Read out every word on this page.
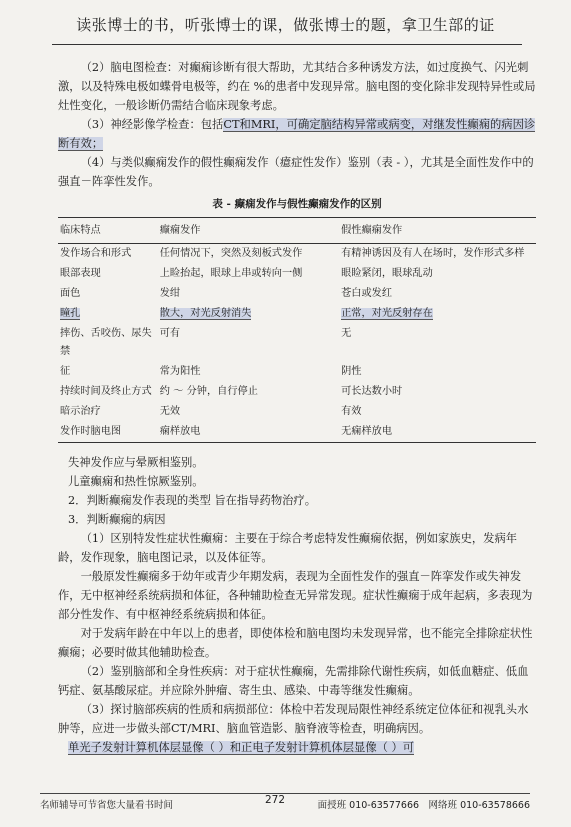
读张博士的书，听张博士的课，做张博士的题，拿卫生部的证

（2）脑电图检查：对癫痫诊断有很大帮助，尤其结合多种诱发方法，如过度换气、闪光刺激，以及特殊电极如蝶骨电极等，约在 %的患者中发现异常。脑电图的变化除非发现特异性或局灶性变化，一般诊断仍需结合临床现象考虑。

（3）神经影像学检查：包括CT和MRI，可确定脑结构异常或病变，对继发性癫痫的病因诊断有效；

（4）与类似癫痫发作的假性癫痫发作（癔症性发作）鉴别（表 - ），尤其是全面性发作中的强直－阵挛性发作。

表 - 癫痫发作与假性癫痫发作的区别
临床特点	癫痫发作	假性癫痫发作
发作场合和形式	任何情况下，突然及刻板式发作	有精神诱因及有人在场时，发作形式多样
眼部表现	上睑抬起，眼球上串或转向一侧	眼睑紧闭，眼球乱动
面色	发绀	苍白或发红
瞳孔	散大，对光反射消失	正常，对光反射存在
摔伤、舌咬伤、尿失禁	可有	无
征	常为阳性	阴性
持续时间及终止方式	约 ～ 分钟，自行停止	可长达数小时
暗示治疗	无效	有效
发作时脑电图	痫样放电	无痫样放电

失神发作应与晕厥相鉴别。

儿童癫痫和热性惊厥鉴别。

2．判断癫痫发作表现的类型 旨在指导药物治疗。

3．判断癫痫的病因

（1）区别特发性症状性癫痫：主要在于综合考虑特发性癫痫依据，例如家族史，发病年龄，发作现象，脑电图记录，以及体征等。

一般原发性癫痫多于幼年或青少年期发病，表现为全面性发作的强直－阵挛发作或失神发作，无中枢神经系统病损和体征，各种辅助检查无异常发现。症状性癫痫于成年起病，多表现为部分性发作、有中枢神经系统病损和体征。

对于发病年龄在中年以上的患者，即使体检和脑电图均未发现异常，也不能完全排除症状性癫痫；必要时做其他辅助检查。

（2）鉴别脑部和全身性疾病：对于症状性癫痫，先需排除代谢性疾病，如低血糖症、低血钙症、氨基酸尿症。并应除外肿瘤、寄生虫、感染、中毒等继发性癫痫。

（3）探讨脑部疾病的性质和病损部位：体检中若发现局限性神经系统定位体征和视乳头水肿等，应进一步做头部CT/MRI、脑血管造影、脑脊液等检查，明确病因。

单光子发射计算机体层显像（ ）和正电子发射计算机体层显像（ ）可

名师辅导可节省您大量看书时间	272	面授班 010-63577666　网络班 010-63578666
